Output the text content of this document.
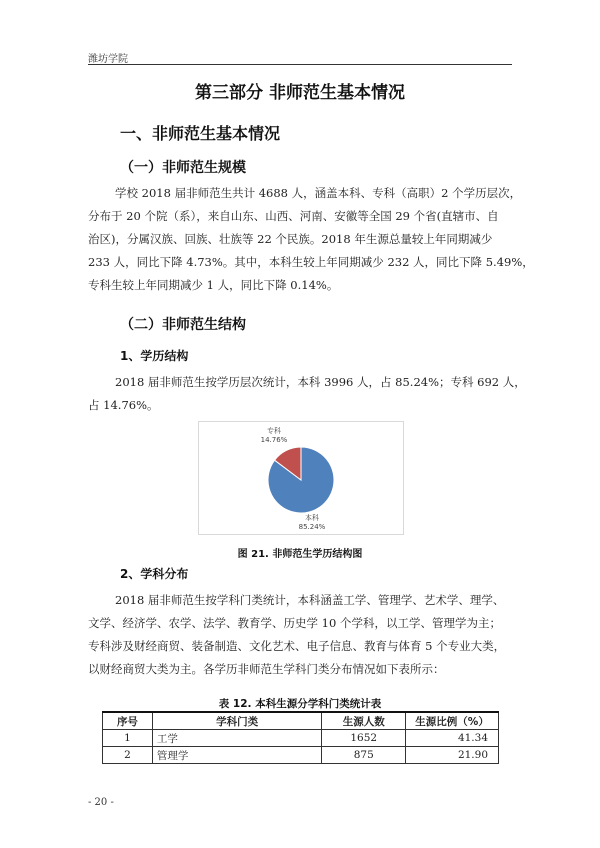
潍坊学院
第三部分 非师范生基本情况
一、非师范生基本情况
（一）非师范生规模
学校 2018 届非师范生共计 4688 人，涵盖本科、专科（高职）2 个学历层次，
分布于 20 个院（系），来自山东、山西、河南、安徽等全国 29 个省(直辖市、自
治区)，分属汉族、回族、壮族等 22 个民族。2018 年生源总量较上年同期减少
233 人，同比下降 4.73%。其中，本科生较上年同期减少 232 人，同比下降 5.49%，
专科生较上年同期减少 1 人，同比下降 0.14%。
（二）非师范生结构
1、学历结构
2018 届非师范生按学历层次统计，本科 3996 人，占 85.24%；专科 692 人，
占 14.76%。
本科
85.24%
专科
14.76%
图 21. 非师范生学历结构图
2、学科分布
2018 届非师范生按学科门类统计，本科涵盖工学、管理学、艺术学、理学、
文学、经济学、农学、法学、教育学、历史学 10 个学科，以工学、管理学为主；
专科涉及财经商贸、装备制造、文化艺术、电子信息、教育与体育 5 个专业大类，
以财经商贸大类为主。各学历非师范生学科门类分布情况如下表所示：
表 12. 本科生源分学科门类统计表
序号	学科门类	生源人数	生源比例（%）
1	工学	1652	41.34
2	管理学	875	21.90
- 20 -
